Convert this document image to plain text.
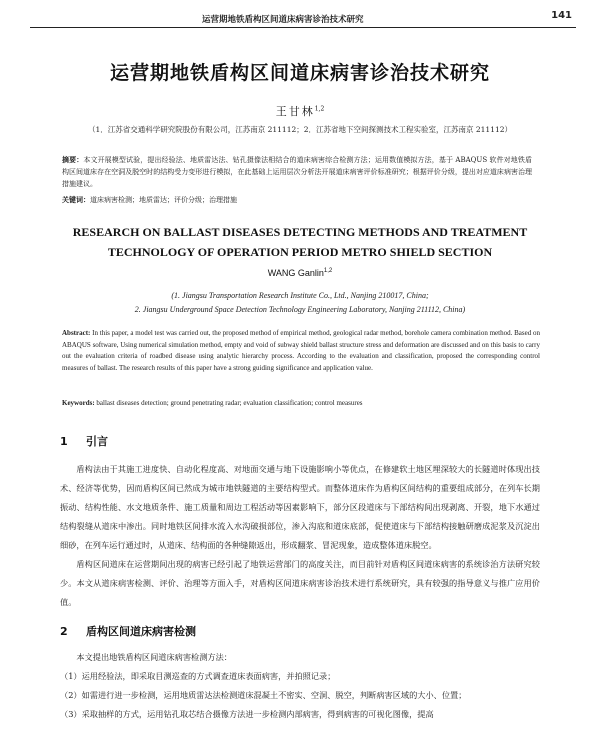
运营期地铁盾构区间道床病害诊治技术研究	141
运营期地铁盾构区间道床病害诊治技术研究
王甘林$^{1,2}$
（1．江苏省交通科学研究院股份有限公司，江苏南京 211112；2．江苏省地下空间探测技术工程实验室，江苏南京 211112）
摘要：本文开展模型试验，提出经验法、地质雷达法、钻孔摄像法相结合的道床病害综合检测方法；运用数值模拟方法，基于 ABAQUS 软件对地铁盾构区间道床存在空洞及脱空时的结构受力变形进行模拟，在此基础上运用层次分析法开展道床病害评价标准研究；根据评价分级，提出对应道床病害治理措施建议。
关键词：道床病害检测；地质雷达；评价分级；治理措施
RESEARCH ON BALLAST DISEASES DETECTING METHODS AND TREATMENT
TECHNOLOGY OF OPERATION PERIOD METRO SHIELD SECTION
WANG Ganlin$^{1,2}$
(1. Jiangsu Transportation Research Institute Co., Ltd., Nanjing 210017, China;
2. Jiangsu Underground Space Detection Technology Engineering Laboratory, Nanjing 211112, China)
Abstract: In this paper, a model test was carried out, the proposed method of empirical method, geological radar method, borehole camera combination method. Based on ABAQUS software, Using numerical simulation method, empty and void of subway shield ballast structure stress and deformation are discussed and on this basis to carry out the evaluation criteria of roadbed disease using analytic hierarchy process. According to the evaluation and classification, proposed the corresponding control measures of ballast. The research results of this paper have a strong guiding significance and application value.
Keywords: ballast diseases detection; ground penetrating radar; evaluation classification; control measures
1 引言

盾构法由于其施工进度快、自动化程度高、对地面交通与地下设施影响小等优点，在修建软土地区埋深较大的长隧道时体现出技术、经济等优势，因而盾构区间已然成为城市地铁隧道的主要结构型式。而整体道床作为盾构区间结构的重要组成部分，在列车长期振动、结构性能、水文地质条件、施工质量和周边工程活动等因素影响下，部分区段道床与下部结构间出现剥离、开裂，地下水通过结构裂缝从道床中渗出。同时地铁区间排水流入水沟破损部位，渗入沟底和道床底部，促使道床与下部结构接触研磨成泥浆及沉淀出细砂，在列车运行通过时，从道床、结构面的各种缝隙返出，形成翻浆、冒泥现象，造成整体道床脱空。

盾构区间道床在运营期间出现的病害已经引起了地铁运营部门的高度关注，而目前针对盾构区间道床病害的系统诊治方法研究较少。本文从道床病害检测、评价、治理等方面入手，对盾构区间道床病害诊治技术进行系统研究，具有较强的指导意义与推广应用价值。

2 盾构区间道床病害检测

本文提出地铁盾构区间道床病害检测方法：

（1）运用经验法，即采取目测巡查的方式调查道床表面病害，并拍照记录；

（2）如需进行进一步检测，运用地质雷达法检测道床混凝土不密实、空洞、脱空，判断病害区域的大小、位置；

（3）采取抽样的方式，运用钻孔取芯结合摄像方法进一步检测内部病害，得到病害的可视化图像，提高
